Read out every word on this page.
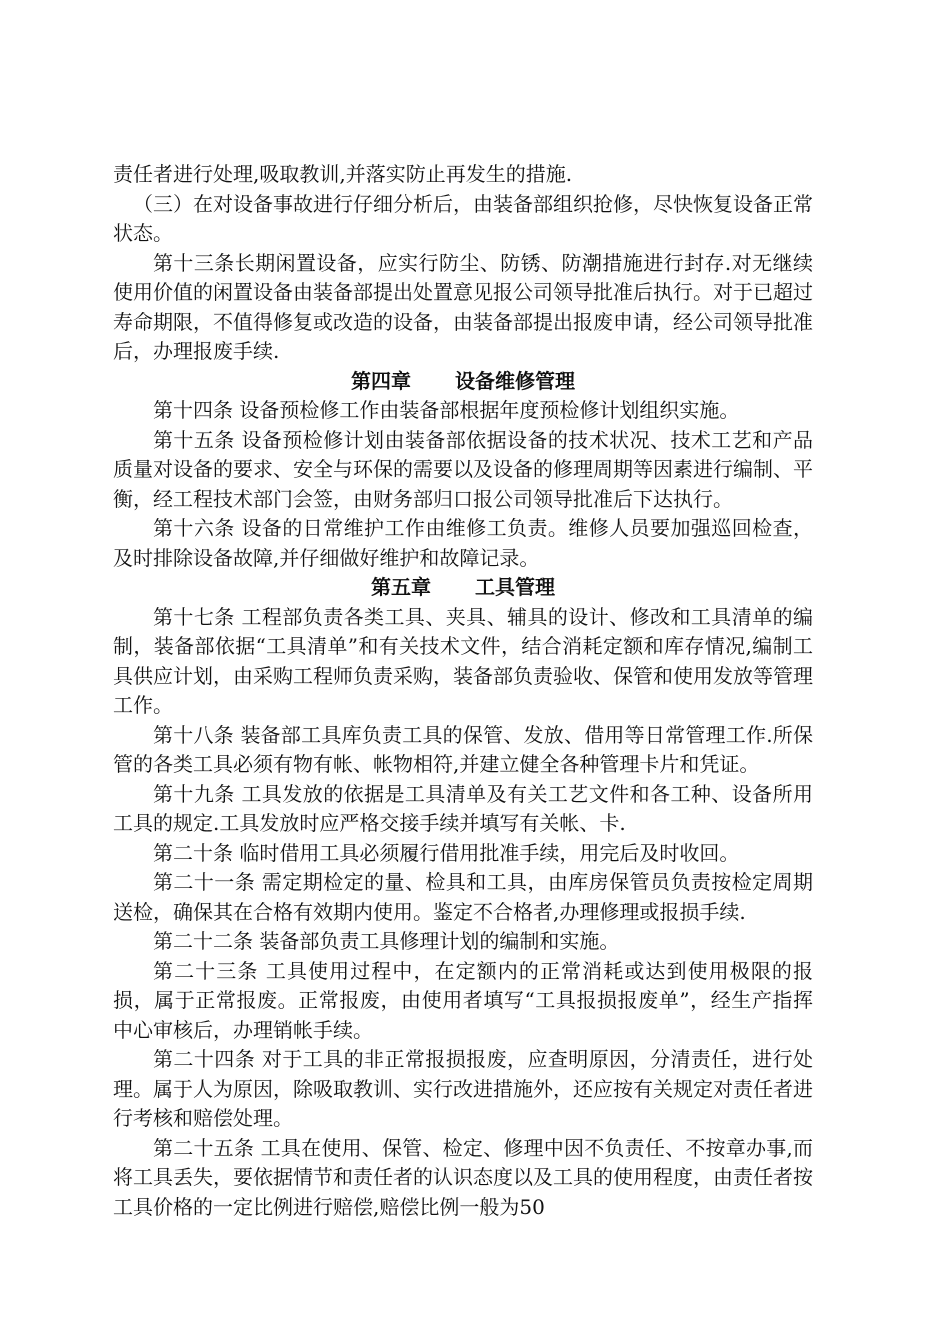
责任者进行处理,吸取教训,并落实防止再发生的措施.

（三）在对设备事故进行仔细分析后，由装备部组织抢修，尽快恢复设备正常状态。

第十三条长期闲置设备，应实行防尘、防锈、防潮措施进行封存.对无继续使用价值的闲置设备由装备部提出处置意见报公司领导批准后执行。对于已超过寿命期限，不值得修复或改造的设备，由装备部提出报废申请，经公司领导批准后，办理报废手续.

第四章 设备维修管理

第十四条 设备预检修工作由装备部根据年度预检修计划组织实施。

第十五条 设备预检修计划由装备部依据设备的技术状况、技术工艺和产品质量对设备的要求、安全与环保的需要以及设备的修理周期等因素进行编制、平衡，经工程技术部门会签，由财务部归口报公司领导批准后下达执行。

第十六条 设备的日常维护工作由维修工负责。维修人员要加强巡回检查，及时排除设备故障,并仔细做好维护和故障记录。

第五章 工具管理

第十七条 工程部负责各类工具、夹具、辅具的设计、修改和工具清单的编制，装备部依据“工具清单”和有关技术文件，结合消耗定额和库存情况,编制工具供应计划，由采购工程师负责采购，装备部负责验收、保管和使用发放等管理工作。

第十八条 装备部工具库负责工具的保管、发放、借用等日常管理工作.所保管的各类工具必须有物有帐、帐物相符,并建立健全各种管理卡片和凭证。

第十九条 工具发放的依据是工具清单及有关工艺文件和各工种、设备所用工具的规定.工具发放时应严格交接手续并填写有关帐、卡.

第二十条 临时借用工具必须履行借用批准手续，用完后及时收回。

第二十一条 需定期检定的量、检具和工具，由库房保管员负责按检定周期送检，确保其在合格有效期内使用。鉴定不合格者,办理修理或报损手续.

第二十二条 装备部负责工具修理计划的编制和实施。

第二十三条 工具使用过程中，在定额内的正常消耗或达到使用极限的报损，属于正常报废。正常报废，由使用者填写“工具报损报废单”，经生产指挥中心审核后，办理销帐手续。

第二十四条 对于工具的非正常报损报废，应查明原因，分清责任，进行处理。属于人为原因，除吸取教训、实行改进措施外，还应按有关规定对责任者进行考核和赔偿处理。

第二十五条 工具在使用、保管、检定、修理中因不负责任、不按章办事,而将工具丢失，要依据情节和责任者的认识态度以及工具的使用程度，由责任者按工具价格的一定比例进行赔偿,赔偿比例一般为50
